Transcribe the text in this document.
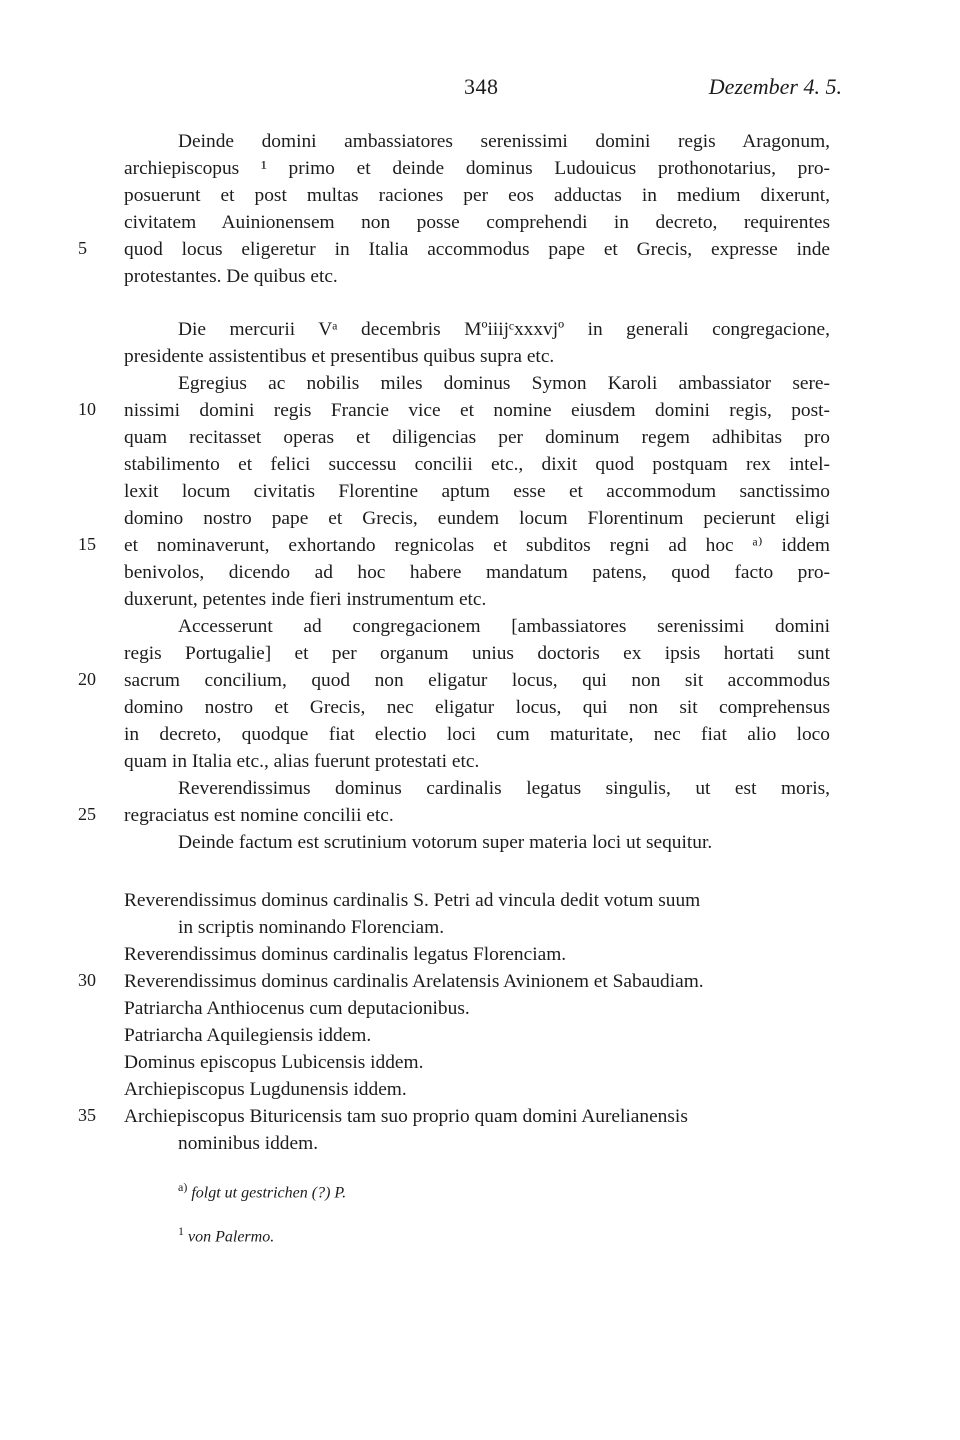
348	Dezember 4. 5.
Deinde domini ambassiatores serenissimi domini regis Aragonum,
archiepiscopus ¹ primo et deinde dominus Ludouicus prothonotarius, pro-
posuerunt et post multas raciones per eos adductas in medium dixerunt,
civitatem Auinionensem non posse comprehendi in decreto, requirentes
5	quod locus eligeretur in Italia accommodus pape et Grecis, expresse inde
protestantes. De quibus etc.
Die mercurii Vᵃ decembris Mºiiijᶜxxxvjº in generali congregacione,
presidente assistentibus et presentibus quibus supra etc.
Egregius ac nobilis miles dominus Symon Karoli ambassiator sere-
10	nissimi domini regis Francie vice et nomine eiusdem domini regis, post-
quam recitasset operas et diligencias per dominum regem adhibitas pro
stabilimento et felici successu concilii etc., dixit quod postquam rex intel-
lexit locum civitatis Florentine aptum esse et accommodum sanctissimo
domino nostro pape et Grecis, eundem locum Florentinum pecierunt eligi
15	et nominaverunt, exhortando regnicolas et subditos regni ad hoc ᵃ⁾ iddem
benivolos, dicendo ad hoc habere mandatum patens, quod facto pro-
duxerunt, petentes inde fieri instrumentum etc.
Accesserunt ad congregacionem [ambassiatores serenissimi domini
regis Portugalie] et per organum unius doctoris ex ipsis hortati sunt
20	sacrum concilium, quod non eligatur locus, qui non sit accommodus
domino nostro et Grecis, nec eligatur locus, qui non sit comprehensus
in decreto, quodque fiat electio loci cum maturitate, nec fiat alio loco
quam in Italia etc., alias fuerunt protestati etc.
Reverendissimus dominus cardinalis legatus singulis, ut est moris,
25	regraciatus est nomine concilii etc.
Deinde factum est scrutinium votorum super materia loci ut sequitur.
Reverendissimus dominus cardinalis S. Petri ad vincula dedit votum suum
in scriptis nominando Florenciam.
Reverendissimus dominus cardinalis legatus Florenciam.
30	Reverendissimus dominus cardinalis Arelatensis Avinionem et Sabaudiam.
Patriarcha Anthiocenus cum deputacionibus.
Patriarcha Aquilegiensis iddem.
Dominus episcopus Lubicensis iddem.
Archiepiscopus Lugdunensis iddem.
35	Archiepiscopus Bituricensis tam suo proprio quam domini Aurelianensis
nominibus iddem.
$^{a)}$ folgt ut gestrichen (?) P.
$^1$ von Palermo.
